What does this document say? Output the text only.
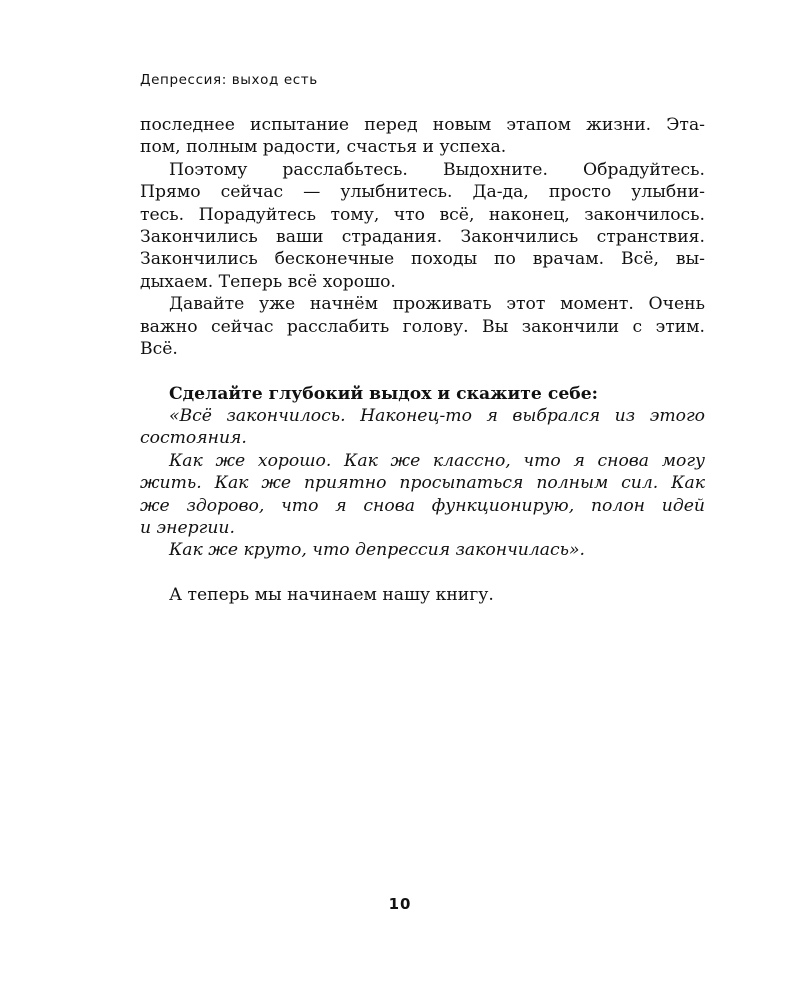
Депрессия: выход есть
последнее испытание перед новым этапом жизни. Эта-
пом, полным радости, счастья и успеха.
Поэтому расслабьтесь. Выдохните. Обрадуйтесь.
Прямо сейчас — улыбнитесь. Да-да, просто улыбни-
тесь. Порадуйтесь тому, что всё, наконец, закончилось.
Закончились ваши страдания. Закончились странствия.
Закончились бесконечные походы по врачам. Всё, вы-
дыхаем. Теперь всё хорошо.
Давайте уже начнём проживать этот момент. Очень
важно сейчас расслабить голову. Вы закончили с этим.
Всё.
Сделайте глубокий выдох и скажите себе:
«Всё закончилось. Наконец-то я выбрался из этого
состояния.
Как же хорошо. Как же классно, что я снова могу
жить. Как же приятно просыпаться полным сил. Как
же здорово, что я снова функционирую, полон идей
и энергии.
Как же круто, что депрессия закончилась».
А теперь мы начинаем нашу книгу.
10
